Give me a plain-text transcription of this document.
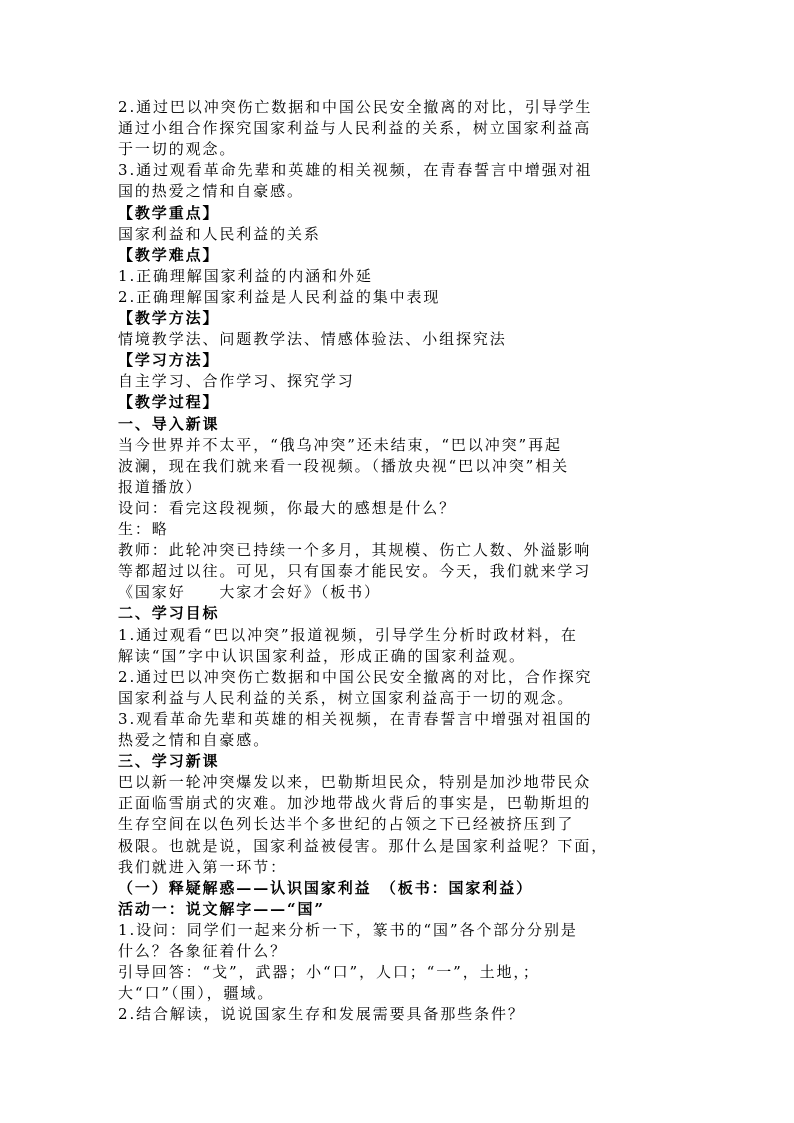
2.通过巴以冲突伤亡数据和中国公民安全撤离的对比，引导学生
通过小组合作探究国家利益与人民利益的关系，树立国家利益高
于一切的观念。
3.通过观看革命先辈和英雄的相关视频，在青春誓言中增强对祖
国的热爱之情和自豪感。
【教学重点】
国家利益和人民利益的关系
【教学难点】
1.正确理解国家利益的内涵和外延
2.正确理解国家利益是人民利益的集中表现
【教学方法】
情境教学法、问题教学法、情感体验法、小组探究法
【学习方法】
自主学习、合作学习、探究学习
【教学过程】
一、导入新课
当今世界并不太平，“俄乌冲突”还未结束，“巴以冲突”再起
波澜，现在我们就来看一段视频。（播放央视“巴以冲突”相关
报道播放）
设问：看完这段视频，你最大的感想是什么？
生：略
教师：此轮冲突已持续一个多月，其规模、伤亡人数、外溢影响
等都超过以往。可见，只有国泰才能民安。今天，我们就来学习
《国家好　　大家才会好》（板书）
二、学习目标
1.通过观看“巴以冲突”报道视频，引导学生分析时政材料，在
解读“国”字中认识国家利益，形成正确的国家利益观。
2.通过巴以冲突伤亡数据和中国公民安全撤离的对比，合作探究
国家利益与人民利益的关系，树立国家利益高于一切的观念。
3.观看革命先辈和英雄的相关视频，在青春誓言中增强对祖国的
热爱之情和自豪感。
三、学习新课
巴以新一轮冲突爆发以来，巴勒斯坦民众，特别是加沙地带民众
正面临雪崩式的灾难。加沙地带战火背后的事实是，巴勒斯坦的
生存空间在以色列长达半个多世纪的占领之下已经被挤压到了
极限。也就是说，国家利益被侵害。那什么是国家利益呢？下面，
我们就进入第一环节：
（一）释疑解惑——认识国家利益　（板书：国家利益）
活动一：说文解字——“国”
1.设问：同学们一起来分析一下，篆书的“国”各个部分分别是
什么？各象征着什么？
引导回答：“戈”，武器；小“口”，人口；“一”，土地，；
大“口”（围），疆域。
2.结合解读，说说国家生存和发展需要具备那些条件？
